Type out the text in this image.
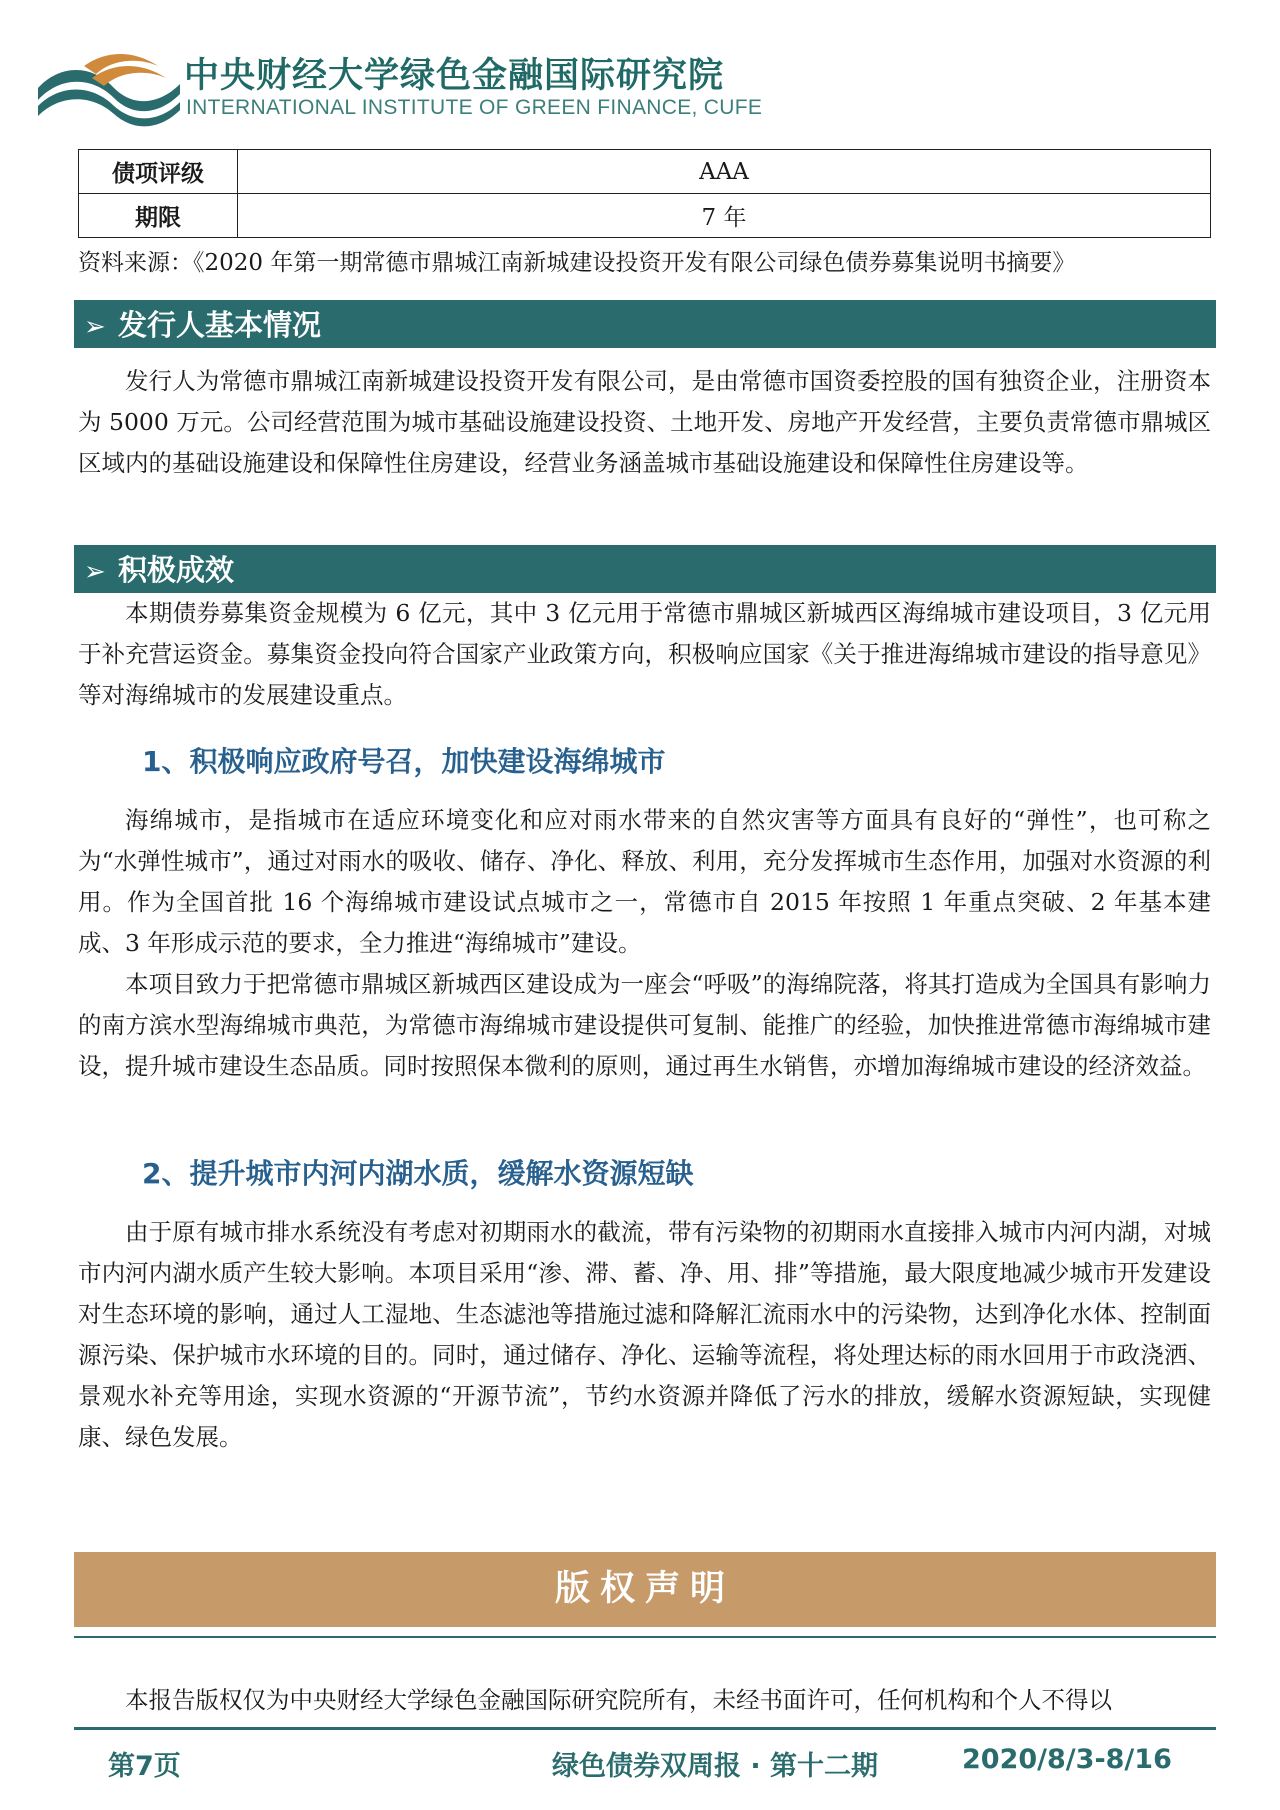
中央财经大学绿色金融国际研究院
INTERNATIONAL INSTITUTE OF GREEN FINANCE, CUFE
债项评级	AAA
期限	7 年
资料来源：《2020 年第一期常德市鼎城江南新城建设投资开发有限公司绿色债券募集说明书摘要》
➢ 发行人基本情况
发行人为常德市鼎城江南新城建设投资开发有限公司，是由常德市国资委控股的国有独资企业，注册资本为 5000 万元。公司经营范围为城市基础设施建设投资、土地开发、房地产开发经营，主要负责常德市鼎城区区域内的基础设施建设和保障性住房建设，经营业务涵盖城市基础设施建设和保障性住房建设等。
➢ 积极成效
本期债券募集资金规模为 6 亿元，其中 3 亿元用于常德市鼎城区新城西区海绵城市建设项目，3 亿元用于补充营运资金。募集资金投向符合国家产业政策方向，积极响应国家《关于推进海绵城市建设的指导意见》等对海绵城市的发展建设重点。
1、积极响应政府号召，加快建设海绵城市
海绵城市，是指城市在适应环境变化和应对雨水带来的自然灾害等方面具有良好的“弹性”，也可称之为“水弹性城市”，通过对雨水的吸收、储存、净化、释放、利用，充分发挥城市生态作用，加强对水资源的利用。作为全国首批 16 个海绵城市建设试点城市之一，常德市自 2015 年按照 1 年重点突破、2 年基本建成、3 年形成示范的要求，全力推进“海绵城市”建设。
本项目致力于把常德市鼎城区新城西区建设成为一座会“呼吸”的海绵院落，将其打造成为全国具有影响力的南方滨水型海绵城市典范，为常德市海绵城市建设提供可复制、能推广的经验，加快推进常德市海绵城市建设，提升城市建设生态品质。同时按照保本微利的原则，通过再生水销售，亦增加海绵城市建设的经济效益。
2、提升城市内河内湖水质，缓解水资源短缺
由于原有城市排水系统没有考虑对初期雨水的截流，带有污染物的初期雨水直接排入城市内河内湖，对城市内河内湖水质产生较大影响。本项目采用“渗、滞、蓄、净、用、排”等措施，最大限度地减少城市开发建设对生态环境的影响，通过人工湿地、生态滤池等措施过滤和降解汇流雨水中的污染物，达到净化水体、控制面源污染、保护城市水环境的目的。同时，通过储存、净化、运输等流程，将处理达标的雨水回用于市政浇洒、景观水补充等用途，实现水资源的“开源节流”，节约水资源并降低了污水的排放，缓解水资源短缺，实现健康、绿色发展。
版权声明
本报告版权仅为中央财经大学绿色金融国际研究院所有，未经书面许可，任何机构和个人不得以
第7页	绿色债券双周报 · 第十二期	2020/8/3-8/16
